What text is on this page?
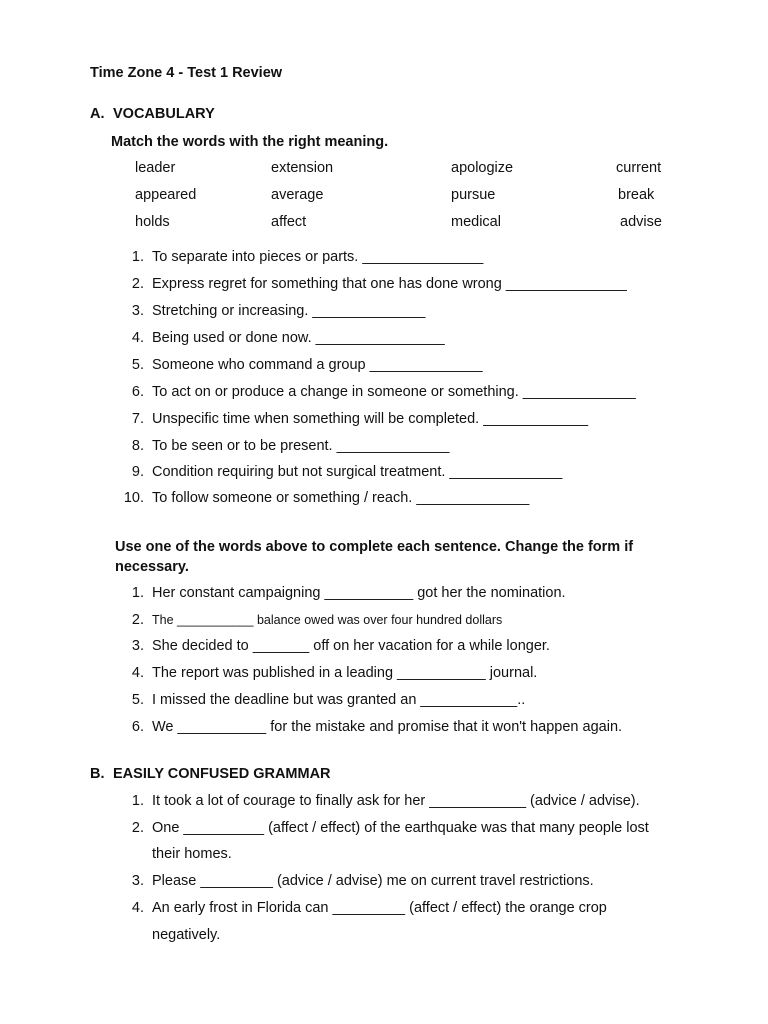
Time Zone 4 - Test 1 Review
A. VOCABULARY
Match the words with the right meaning.
leader	extension	apologize	current
appeared	average	pursue	break
holds	affect	medical	advise
1. To separate into pieces or parts. _______________
2. Express regret for something that one has done wrong _______________
3. Stretching or increasing. ______________
4. Being used or done now. ________________
5. Someone who command a group ______________
6. To act on or produce a change in someone or something. ______________
7. Unspecific time when something will be completed. _____________
8. To be seen or to be present. ______________
9. Condition requiring but not surgical treatment. ______________
10. To follow someone or something / reach. ______________
Use one of the words above to complete each sentence. Change the form if
necessary.
1. Her constant campaigning ___________ got her the nomination.
2. The ___________ balance owed was over four hundred dollars
3. She decided to _______ off on her vacation for a while longer.
4. The report was published in a leading ___________ journal.
5. I missed the deadline but was granted an ____________..
6. We ___________ for the mistake and promise that it won't happen again.
B. EASILY CONFUSED GRAMMAR
1. It took a lot of courage to finally ask for her ____________ (advice / advise).
2. One __________ (affect / effect) of the earthquake was that many people lost
their homes.
3. Please _________ (advice / advise) me on current travel restrictions.
4. An early frost in Florida can _________ (affect / effect) the orange crop
negatively.
